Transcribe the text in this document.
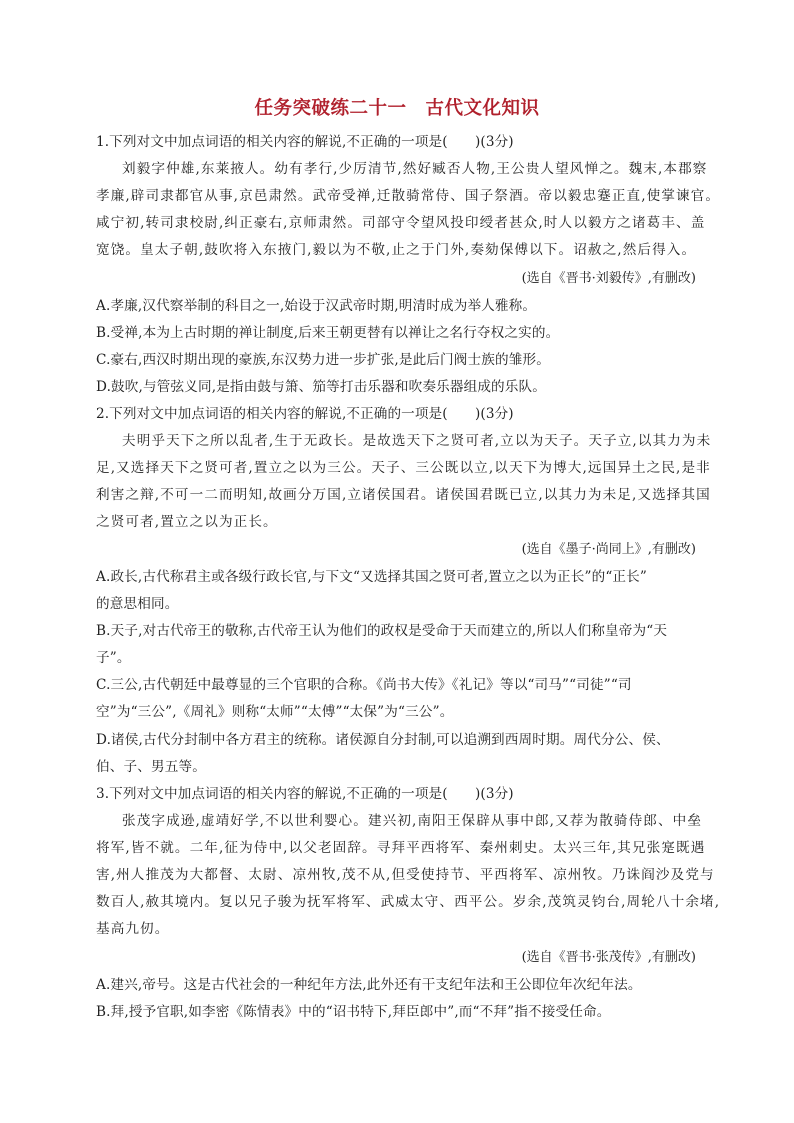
任务突破练二十一　古代文化知识
1.下列对文中加点词语的相关内容的解说,不正确的一项是(　　)(3分)
刘毅字仲雄,东莱掖人。幼有孝行,少厉清节,然好臧否人物,王公贵人望风惮之。魏末,本郡察
孝廉,辟司隶都官从事,京邑肃然。武帝受禅,迁散骑常侍、国子祭酒。帝以毅忠蹇正直,使掌谏官。
咸宁初,转司隶校尉,纠正豪右,京师肃然。司部守令望风投印绶者甚众,时人以毅方之诸葛丰、盖
宽饶。皇太子朝,鼓吹将入东掖门,毅以为不敬,止之于门外,奏劾保傅以下。诏赦之,然后得入。
(选自《晋书·刘毅传》,有删改)
A.孝廉,汉代察举制的科目之一,始设于汉武帝时期,明清时成为举人雅称。
B.受禅,本为上古时期的禅让制度,后来王朝更替有以禅让之名行夺权之实的。
C.豪右,西汉时期出现的豪族,东汉势力进一步扩张,是此后门阀士族的雏形。
D.鼓吹,与管弦义同,是指由鼓与箫、笳等打击乐器和吹奏乐器组成的乐队。
2.下列对文中加点词语的相关内容的解说,不正确的一项是(　　)(3分)
夫明乎天下之所以乱者,生于无政长。是故选天下之贤可者,立以为天子。天子立,以其力为未
足,又选择天下之贤可者,置立之以为三公。天子、三公既以立,以天下为博大,远国异土之民,是非
利害之辩,不可一二而明知,故画分万国,立诸侯国君。诸侯国君既已立,以其力为未足,又选择其国
之贤可者,置立之以为正长。
(选自《墨子·尚同上》,有删改)
A.政长,古代称君主或各级行政长官,与下文“又选择其国之贤可者,置立之以为正长”的“正长”
的意思相同。
B.天子,对古代帝王的敬称,古代帝王认为他们的政权是受命于天而建立的,所以人们称皇帝为“天
子”。
C.三公,古代朝廷中最尊显的三个官职的合称。《尚书大传》《礼记》等以“司马”“司徒”“司
空”为“三公”,《周礼》则称“太师”“太傅”“太保”为“三公”。
D.诸侯,古代分封制中各方君主的统称。诸侯源自分封制,可以追溯到西周时期。周代分公、侯、
伯、子、男五等。
3.下列对文中加点词语的相关内容的解说,不正确的一项是(　　)(3分)
张茂字成逊,虚靖好学,不以世利婴心。建兴初,南阳王保辟从事中郎,又荐为散骑侍郎、中垒
将军,皆不就。二年,征为侍中,以父老固辞。寻拜平西将军、秦州刺史。太兴三年,其兄张寔既遇
害,州人推茂为大都督、太尉、凉州牧,茂不从,但受使持节、平西将军、凉州牧。乃诛阎沙及党与
数百人,赦其境内。复以兄子骏为抚军将军、武威太守、西平公。岁余,茂筑灵钧台,周轮八十余堵,
基高九仞。
(选自《晋书·张茂传》,有删改)
A.建兴,帝号。这是古代社会的一种纪年方法,此外还有干支纪年法和王公即位年次纪年法。
B.拜,授予官职,如李密《陈情表》中的“诏书特下,拜臣郎中”,而“不拜”指不接受任命。
